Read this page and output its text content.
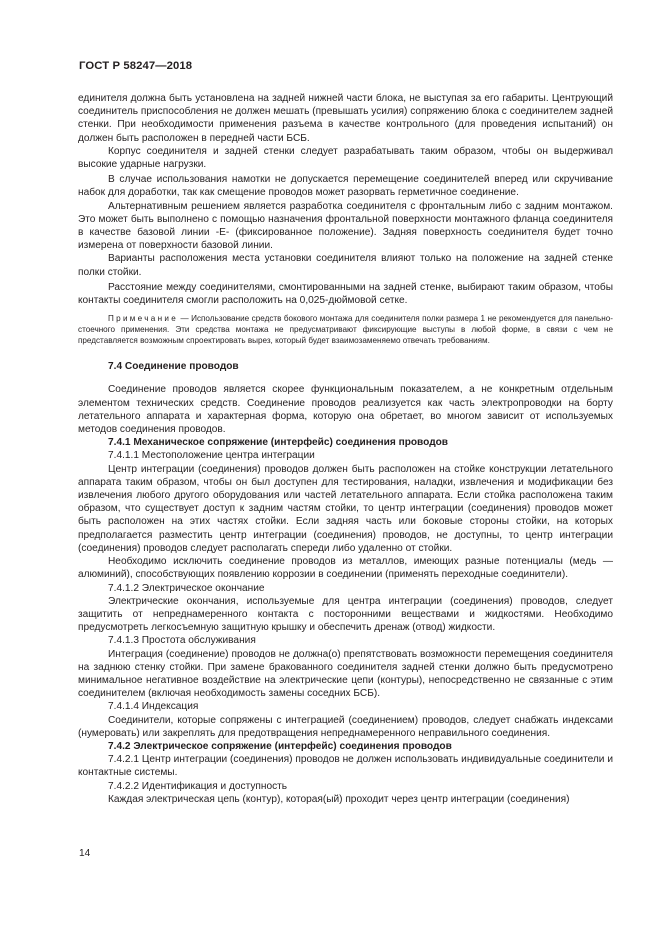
ГОСТ Р 58247—2018

единителя должна быть установлена на задней нижней части блока, не выступая за его габариты. Центрующий соединитель приспособления не должен мешать (превышать усилия) сопряжению блока с соединителем задней стенки. При необходимости применения разъема в качестве контрольного (для проведения испытаний) он должен быть расположен в передней части БСБ.

Корпус соединителя и задней стенки следует разрабатывать таким образом, чтобы он выдерживал высокие ударные нагрузки.

В случае использования намотки не допускается перемещение соединителей вперед или скручивание набок для доработки, так как смещение проводов может разорвать герметичное соединение.

Альтернативным решением является разработка соединителя с фронтальным либо с задним монтажом. Это может быть выполнено с помощью назначения фронтальной поверхности монтажного фланца соединителя в качестве базовой линии -Е- (фиксированное положение). Задняя поверхность соединителя будет точно измерена от поверхности базовой линии.

Варианты расположения места установки соединителя влияют только на положение на задней стенке полки стойки.

Расстояние между соединителями, смонтированными на задней стенке, выбирают таким образом, чтобы контакты соединителя смогли расположить на 0,025-дюймовой сетке.

Примечание — Использование средств бокового монтажа для соединителя полки размера 1 не рекомендуется для панельно-стоечного применения. Эти средства монтажа не предусматривают фиксирующие выступы в любой форме, в связи с чем не представляется возможным спроектировать вырез, который будет взаимозаменяемо отвечать требованиям.

7.4 Соединение проводов

Соединение проводов является скорее функциональным показателем, а не конкретным отдельным элементом технических средств. Соединение проводов реализуется как часть электропроводки на борту летательного аппарата и характерная форма, которую она обретает, во многом зависит от используемых методов соединения проводов.

7.4.1 Механическое сопряжение (интерфейс) соединения проводов

7.4.1.1 Местоположение центра интеграции

Центр интеграции (соединения) проводов должен быть расположен на стойке конструкции летательного аппарата таким образом, чтобы он был доступен для тестирования, наладки, извлечения и модификации без извлечения любого другого оборудования или частей летательного аппарата. Если стойка расположена таким образом, что существует доступ к задним частям стойки, то центр интеграции (соединения) проводов может быть расположен на этих частях стойки. Если задняя часть или боковые стороны стойки, на которых предполагается разместить центр интеграции (соединения) проводов, не доступны, то центр интеграции (соединения) проводов следует располагать спереди либо удаленно от стойки.

Необходимо исключить соединение проводов из металлов, имеющих разные потенциалы (медь — алюминий), способствующих появлению коррозии в соединении (применять переходные соединители).

7.4.1.2 Электрическое окончание

Электрические окончания, используемые для центра интеграции (соединения) проводов, следует защитить от непреднамеренного контакта с посторонними веществами и жидкостями. Необходимо предусмотреть легкосъемную защитную крышку и обеспечить дренаж (отвод) жидкости.

7.4.1.3 Простота обслуживания

Интеграция (соединение) проводов не должна(о) препятствовать возможности перемещения соединителя на заднюю стенку стойки. При замене бракованного соединителя задней стенки должно быть предусмотрено минимальное негативное воздействие на электрические цепи (контуры), непосредственно не связанные с этим соединителем (включая необходимость замены соседних БСБ).

7.4.1.4 Индексация

Соединители, которые сопряжены с интеграцией (соединением) проводов, следует снабжать индексами (нумеровать) или закреплять для предотвращения непреднамеренного неправильного соединения.

7.4.2 Электрическое сопряжение (интерфейс) соединения проводов

7.4.2.1 Центр интеграции (соединения) проводов не должен использовать индивидуальные соединители и контактные системы.

7.4.2.2 Идентификация и доступность

Каждая электрическая цепь (контур), которая(ый) проходит через центр интеграции (соединения)

14
